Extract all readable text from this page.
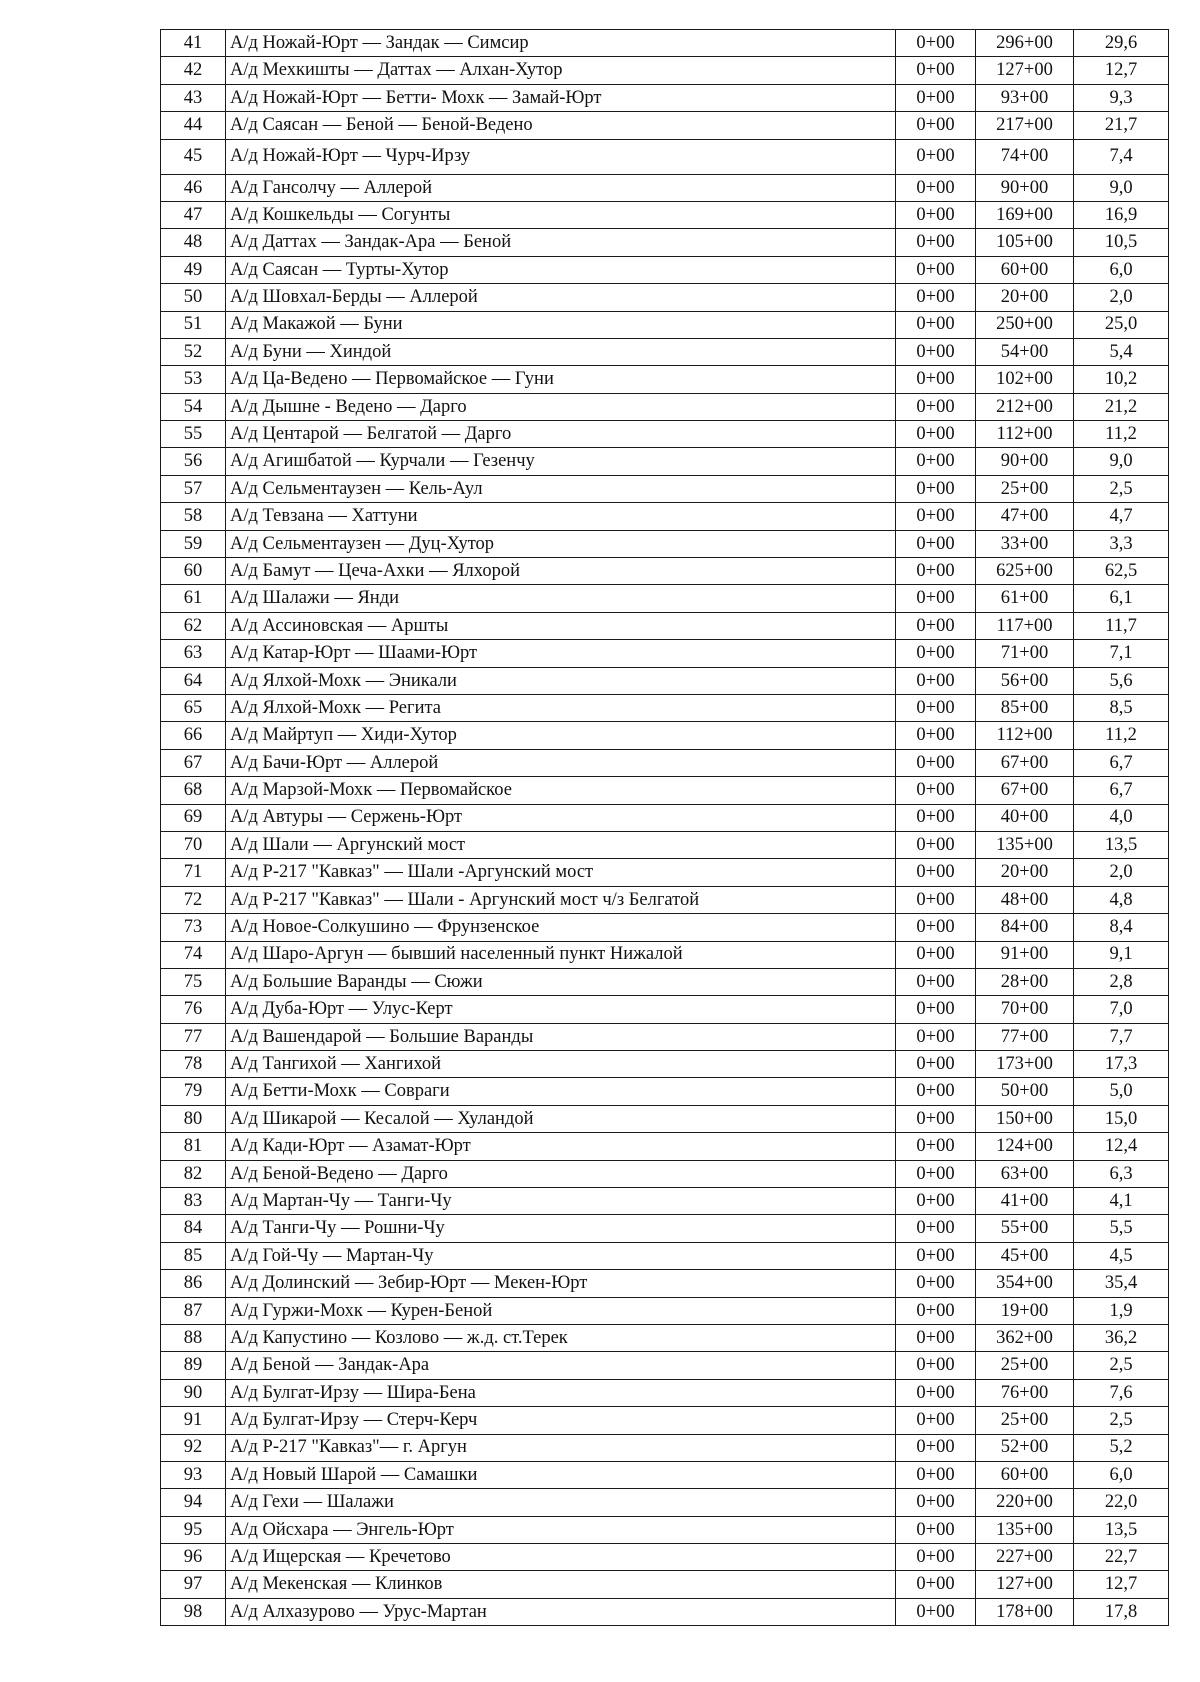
41	А/д Ножай-Юрт — Зандак — Симсир	0+00	296+00	29,6
42	А/д Мехкишты — Даттах — Алхан-Хутор	0+00	127+00	12,7
43	А/д Ножай-Юрт — Бетти- Мохк — Замай-Юрт	0+00	93+00	9,3
44	А/д Саясан — Беной — Беной-Ведено	0+00	217+00	21,7
45	А/д Ножай-Юрт — Чурч-Ирзу	0+00	74+00	7,4
46	А/д Гансолчу — Аллерой	0+00	90+00	9,0
47	А/д Кошкельды — Согунты	0+00	169+00	16,9
48	А/д Даттах — Зандак-Ара — Беной	0+00	105+00	10,5
49	А/д Саясан — Турты-Хутор	0+00	60+00	6,0
50	А/д Шовхал-Берды — Аллерой	0+00	20+00	2,0
51	А/д Макажой — Буни	0+00	250+00	25,0
52	А/д Буни — Хиндой	0+00	54+00	5,4
53	А/д Ца-Ведено — Первомайское — Гуни	0+00	102+00	10,2
54	А/д Дышне - Ведено — Дарго	0+00	212+00	21,2
55	А/д Центарой — Белгатой — Дарго	0+00	112+00	11,2
56	А/д Агишбатой — Курчали — Гезенчу	0+00	90+00	9,0
57	А/д Сельментаузен — Кель-Аул	0+00	25+00	2,5
58	А/д Тевзана — Хаттуни	0+00	47+00	4,7
59	А/д Сельментаузен — Дуц-Хутор	0+00	33+00	3,3
60	А/д Бамут — Цеча-Ахки — Ялхорой	0+00	625+00	62,5
61	А/д Шалажи — Янди	0+00	61+00	6,1
62	А/д Ассиновская — Аршты	0+00	117+00	11,7
63	А/д Катар-Юрт — Шаами-Юрт	0+00	71+00	7,1
64	А/д Ялхой-Мохк — Эникали	0+00	56+00	5,6
65	А/д Ялхой-Мохк — Регита	0+00	85+00	8,5
66	А/д Майртуп — Хиди-Хутор	0+00	112+00	11,2
67	А/д Бачи-Юрт — Аллерой	0+00	67+00	6,7
68	А/д Марзой-Мохк — Первомайское	0+00	67+00	6,7
69	А/д Автуры — Сержень-Юрт	0+00	40+00	4,0
70	А/д Шали — Аргунский мост	0+00	135+00	13,5
71	А/д Р-217 "Кавказ" — Шали -Аргунский мост	0+00	20+00	2,0
72	А/д Р-217 "Кавказ" — Шали - Аргунский мост ч/з Белгатой	0+00	48+00	4,8
73	А/д Новое-Солкушино — Фрунзенское	0+00	84+00	8,4
74	А/д Шаро-Аргун — бывший населенный пункт Нижалой	0+00	91+00	9,1
75	А/д Большие Варанды — Сюжи	0+00	28+00	2,8
76	А/д Дуба-Юрт — Улус-Керт	0+00	70+00	7,0
77	А/д Вашендарой — Большие Варанды	0+00	77+00	7,7
78	А/д Тангихой — Хангихой	0+00	173+00	17,3
79	А/д Бетти-Мохк — Совраги	0+00	50+00	5,0
80	А/д Шикарой — Кесалой — Хуландой	0+00	150+00	15,0
81	А/д Кади-Юрт — Азамат-Юрт	0+00	124+00	12,4
82	А/д Беной-Ведено — Дарго	0+00	63+00	6,3
83	А/д Мартан-Чу — Танги-Чу	0+00	41+00	4,1
84	А/д Танги-Чу — Рошни-Чу	0+00	55+00	5,5
85	А/д Гой-Чу — Мартан-Чу	0+00	45+00	4,5
86	А/д Долинский — Зебир-Юрт — Мекен-Юрт	0+00	354+00	35,4
87	А/д Гуржи-Мохк — Курен-Беной	0+00	19+00	1,9
88	А/д Капустино — Козлово — ж.д. ст.Терек	0+00	362+00	36,2
89	А/д Беной — Зандак-Ара	0+00	25+00	2,5
90	А/д Булгат-Ирзу — Шира-Бена	0+00	76+00	7,6
91	А/д Булгат-Ирзу — Стерч-Керч	0+00	25+00	2,5
92	А/д Р-217 "Кавказ"— г. Аргун	0+00	52+00	5,2
93	А/д Новый Шарой — Самашки	0+00	60+00	6,0
94	А/д Гехи — Шалажи	0+00	220+00	22,0
95	А/д Ойсхара — Энгель-Юрт	0+00	135+00	13,5
96	А/д Ищерская — Кречетово	0+00	227+00	22,7
97	А/д Мекенская — Клинков	0+00	127+00	12,7
98	А/д Алхазурово — Урус-Мартан	0+00	178+00	17,8
